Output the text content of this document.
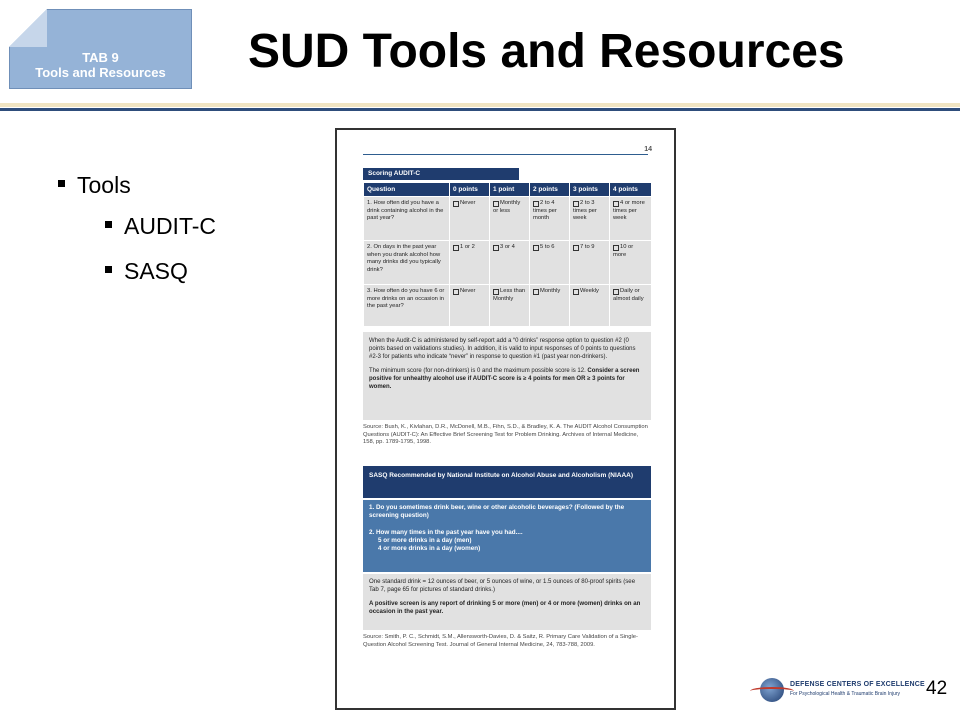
TAB 9
Tools and Resources	SUD Tools and Resources
Tools
AUDIT-C
SASQ
14
Scoring AUDIT-C
Question	0 points	1 point	2 points	3 points	4 points
1. How often did you have a drink containing alcohol in the past year?	Never	Monthly or less	2 to 4 times per month	2 to 3 times per week	4 or more times per week
2. On days in the past year when you drank alcohol how many drinks did you typically drink?	1 or 2	3 or 4	5 to 6	7 to 9	10 or more
3. How often do you have 6 or more drinks on an occasion in the past year?	Never	Less than Monthly	Monthly	Weekly	Daily or almost daily
When the Audit-C is administered by self-report add a “0 drinks” response option to question #2 (0 points based on validations studies). In addition, it is valid to input responses of 0 points to questions #2-3 for patients who indicate “never” in response to question #1 (past year non-drinkers).
The minimum score (for non-drinkers) is 0 and the maximum possible score is 12. Consider a screen positive for unhealthy alcohol use if AUDIT-C score is ≥ 4 points for men OR ≥ 3 points for women.
Source: Bush, K., Kivlahan, D.R., McDonell, M.B., Fihn, S.D., & Bradley, K. A. The AUDIT Alcohol Consumption Questions (AUDIT-C): An Effective Brief Screening Test for Problem Drinking. Archives of Internal Medicine, 158, pp. 1789-1795, 1998.
SASQ Recommended by National Institute on Alcohol Abuse and Alcoholism (NIAAA)
1. Do you sometimes drink beer, wine or other alcoholic beverages? (Followed by the screening question)
2. How many times in the past year have you had....
5 or more drinks in a day (men)
4 or more drinks in a day (women)
One standard drink = 12 ounces of beer, or 5 ounces of wine, or 1.5 ounces of 80-proof spirits (see Tab 7, page 65 for pictures of standard drinks.)
A positive screen is any report of drinking 5 or more (men) or 4 or more (women) drinks on an occasion in the past year.
Source: Smith, P. C., Schmidt, S.M., Allensworth-Davies, D. & Saitz, R. Primary Care Validation of a Single-Question Alcohol Screening Test. Journal of General Internal Medicine, 24, 783-788, 2009.
DEFENSE CENTERS OF EXCELLENCE
For Psychological Health & Traumatic Brain Injury 42
